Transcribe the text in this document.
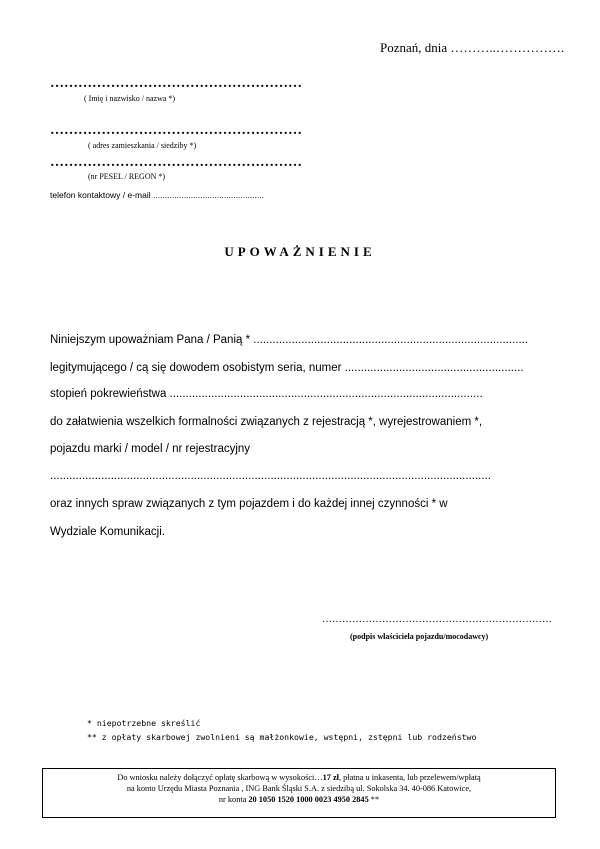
Poznań, dnia ………..…………….
………………………………………………
( Imię i nazwisko / nazwa *)
………………………………………………
( adres zamieszkania / siedziby *)
………………………………………………
(nr PESEL / REGON *)
telefon kontaktowy / e-mail ...............................................
UPOWAŻNIENIE
Niniejszym upoważniam Pana / Panią * ......................................................................................
legitymującego / cą się dowodem osobistym seria, numer ........................................................
stopień pokrewieństwa ..................................................................................................
do załatwienia wszelkich formalności związanych z rejestracją *, wyrejestrowaniem *,
pojazdu marki / model / nr rejestracyjny
..........................................................................................................................................
oraz innych spraw związanych z tym pojazdem i do każdej innej czynności * w
Wydziale Komunikacji.
……………………………………………………………
(podpis właściciela pojazdu/mocodawcy)
* niepotrzebne skreślić
** z opłaty skarbowej zwolnieni są małżonkowie, wstępni, zstępni lub rodzeństwo
Do wniosku należy dołączyć opłatę skarbową w wysokości…17 zł, płatna u inkasenta, lub przelewem/wpłatą
na konto Urzędu Miasta Poznania , ING Bank Śląski S.A. z siedzibą ul. Sokolska 34. 40-086 Katowice,
nr konta 20 1050 1520 1000 0023 4950 2845 **
